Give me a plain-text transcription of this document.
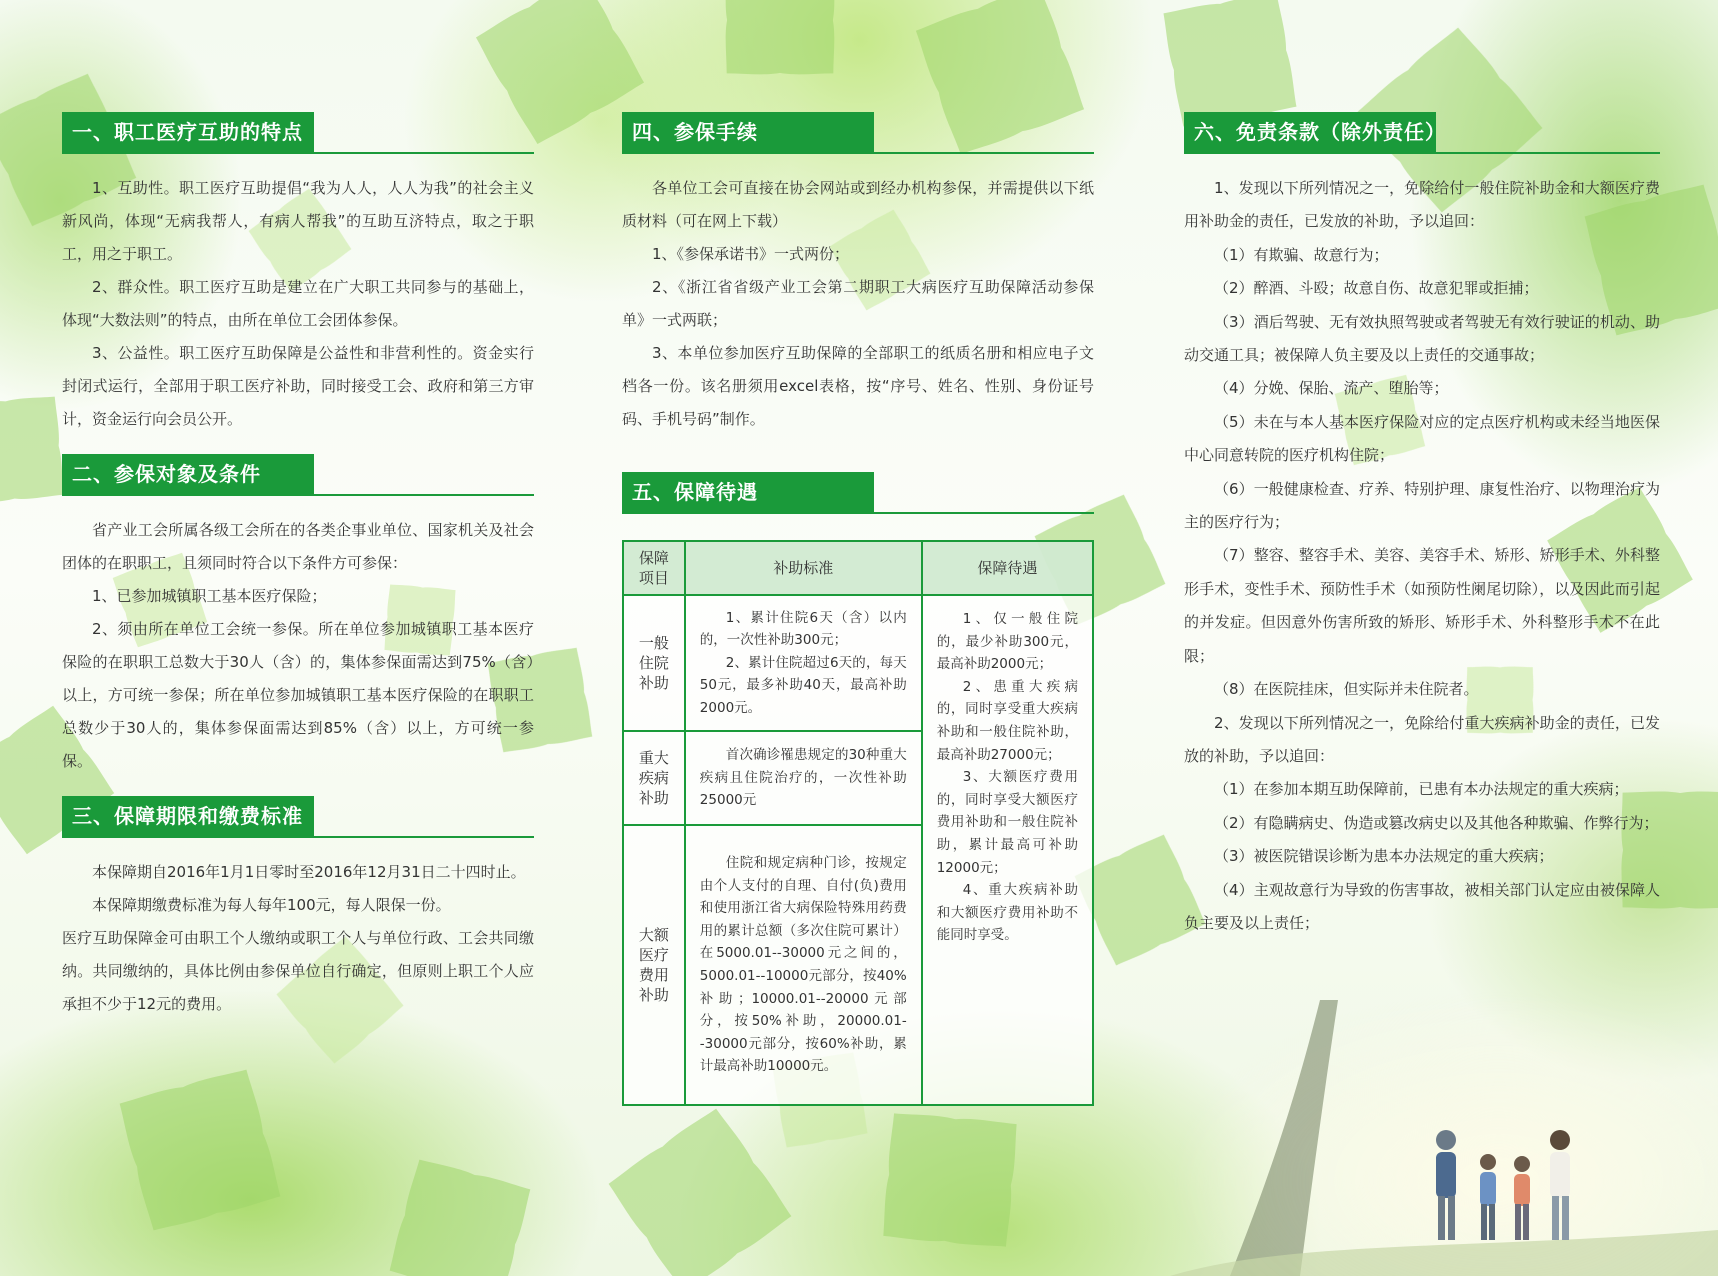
一、职工医疗互助的特点

1、互助性。职工医疗互助提倡“我为人人，人人为我”的社会主义新风尚，体现“无病我帮人，有病人帮我”的互助互济特点，取之于职工，用之于职工。

2、群众性。职工医疗互助是建立在广大职工共同参与的基础上，体现“大数法则”的特点，由所在单位工会团体参保。

3、公益性。职工医疗互助保障是公益性和非营利性的。资金实行封闭式运行，全部用于职工医疗补助，同时接受工会、政府和第三方审计，资金运行向会员公开。

二、参保对象及条件

省产业工会所属各级工会所在的各类企事业单位、国家机关及社会团体的在职职工，且须同时符合以下条件方可参保：

1、已参加城镇职工基本医疗保险；

2、须由所在单位工会统一参保。所在单位参加城镇职工基本医疗保险的在职职工总数大于30人（含）的，集体参保面需达到75%（含）以上，方可统一参保；所在单位参加城镇职工基本医疗保险的在职职工总数少于30人的，集体参保面需达到85%（含）以上，方可统一参保。

三、保障期限和缴费标准

本保障期自2016年1月1日零时至2016年12月31日二十四时止。

本保障期缴费标准为每人每年100元，每人限保一份。

医疗互助保障金可由职工个人缴纳或职工个人与单位行政、工会共同缴纳。共同缴纳的，具体比例由参保单位自行确定，但原则上职工个人应承担不少于12元的费用。

四、参保手续

各单位工会可直接在协会网站或到经办机构参保，并需提供以下纸质材料（可在网上下载）

1、《参保承诺书》一式两份；

2、《浙江省省级产业工会第二期职工大病医疗互助保障活动参保单》一式两联；

3、本单位参加医疗互助保障的全部职工的纸质名册和相应电子文档各一份。该名册须用excel表格，按“序号、姓名、性别、身份证号码、手机号码”制作。

五、保障待遇
保障项目	补助标准	保障待遇
一般住院补助	1、累计住院6天（含）以内的，一次性补助300元；
2、累计住院超过6天的，每天50元，最多补助40天，最高补助2000元。	1、仅一般住院的，最少补助300元，最高补助2000元；
2、患重大疾病的，同时享受重大疾病补助和一般住院补助，最高补助27000元；
3、大额医疗费用的，同时享受大额医疗费用补助和一般住院补助，累计最高可补助12000元；
4、重大疾病补助和大额医疗费用补助不能同时享受。

重大疾病补助	首次确诊罹患规定的30种重大疾病且住院治疗的，一次性补助25000元	

大额医疗费用补助	住院和规定病种门诊，按规定由个人支付的自理、自付(负)费用和使用浙江省大病保险特殊用药费用的累计总额（多次住院可累计）在5000.01--30000元之间的， 5000.01--10000元部分，按40%补助；10000.01--20000元部分，按50%补助，20000.01--30000元部分，按60%补助，累计最高补助10000元。	
六、免责条款（除外责任）

1、发现以下所列情况之一，免除给付一般住院补助金和大额医疗费用补助金的责任，已发放的补助，予以追回：

（1）有欺骗、故意行为；

（2）醉酒、斗殴；故意自伤、故意犯罪或拒捕；

（3）酒后驾驶、无有效执照驾驶或者驾驶无有效行驶证的机动、助动交通工具；被保障人负主要及以上责任的交通事故；

（4）分娩、保胎、流产、堕胎等；

（5）未在与本人基本医疗保险对应的定点医疗机构或未经当地医保中心同意转院的医疗机构住院；

（6）一般健康检查、疗养、特别护理、康复性治疗、以物理治疗为主的医疗行为；

（7）整容、整容手术、美容、美容手术、矫形、矫形手术、外科整形手术，变性手术、预防性手术（如预防性阑尾切除），以及因此而引起的并发症。但因意外伤害所致的矫形、矫形手术、外科整形手术不在此限；

（8）在医院挂床，但实际并未住院者。

2、发现以下所列情况之一，免除给付重大疾病补助金的责任，已发放的补助，予以追回：

（1）在参加本期互助保障前，已患有本办法规定的重大疾病；

（2）有隐瞒病史、伪造或篡改病史以及其他各种欺骗、作弊行为；

（3）被医院错误诊断为患本办法规定的重大疾病；

（4）主观故意行为导致的伤害事故，被相关部门认定应由被保障人负主要及以上责任；
